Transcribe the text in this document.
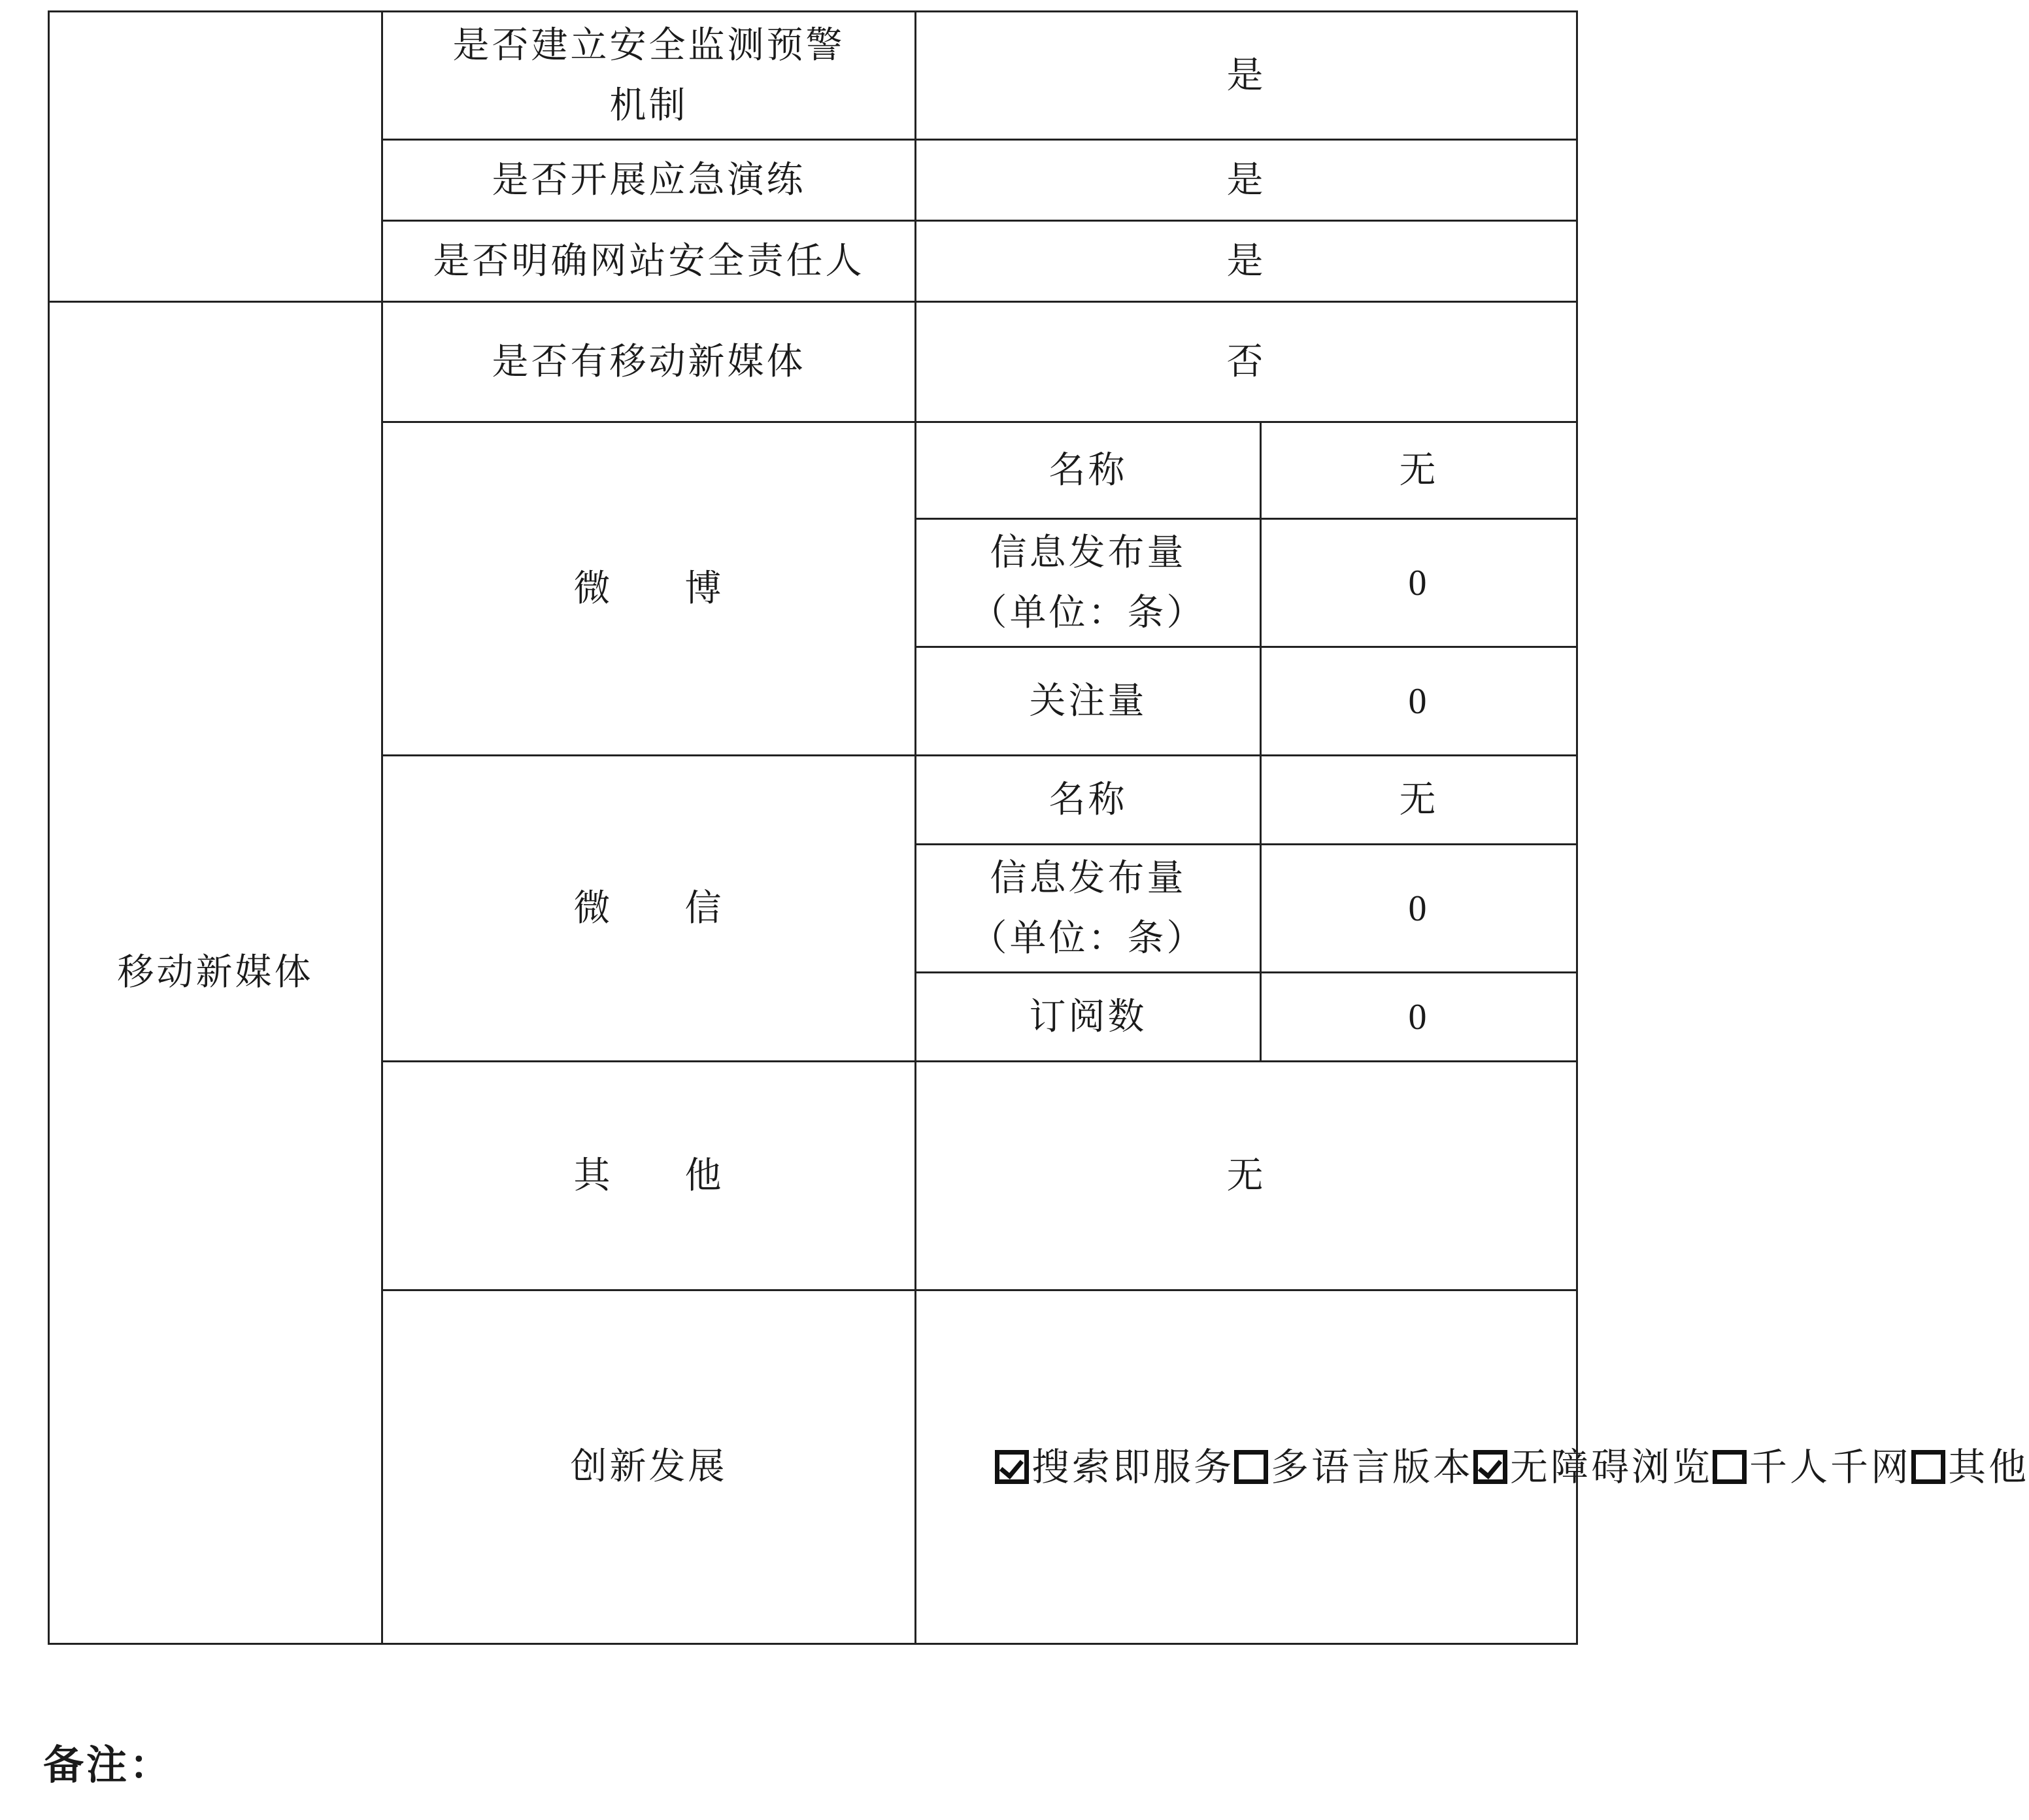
	是否建立安全监测预警机制	是	
	是否开展应急演练	是	
	是否明确网站安全责任人	是	
移动新媒体	是否有移动新媒体	否	
	微 博	名称	无

		信息发布量
（单位：条）	0
		关注量	0
	微 信	名称	无

		信息发布量
（单位：条）	0
		订阅数	0
	其 他	无	
	创新发展	搜索即服务 多语言版本 无障碍浏览 千人千网 其他	
备注：
